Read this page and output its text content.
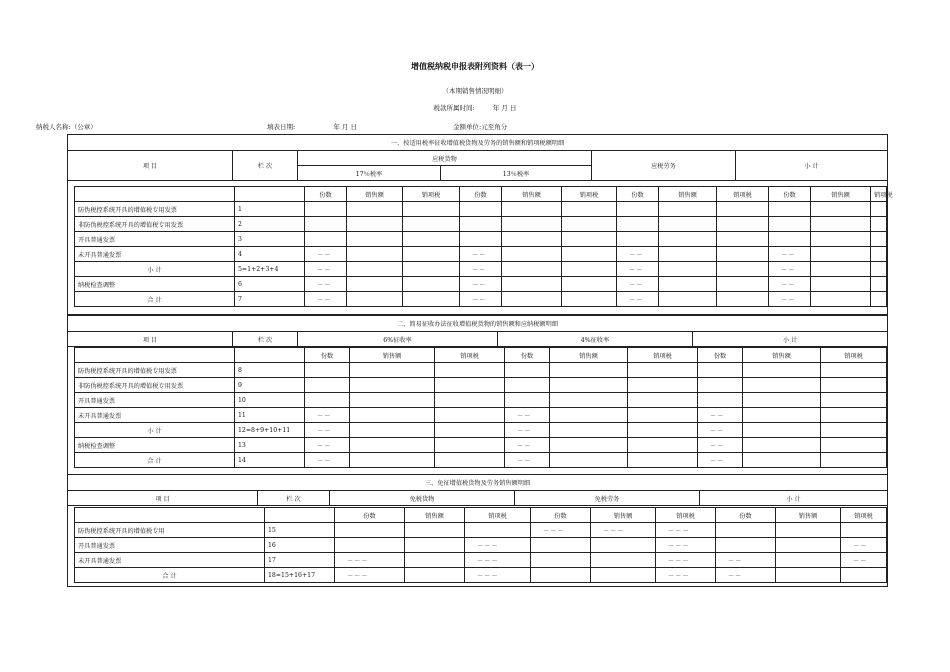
增值税纳税申报表附列资料（表一）
（本期销售情况明细）
税款所属时间:	年 月 日
纳税人名称:（公章）	填表日期:	年 月 日	金额单位:元至角分
一、按适用税率征收增值税货物及劳务的销售额和销项税额明细					
项 目	栏 次	应税货物		应税劳务	小 计
		17％税率	13％税率		
		份数	销售额	销项税	份数	销售额	销项税	份数	销售额	销项税	份数	销售额	销项税
防伪税控系统开具的增值税专用发票	1												
非防伪税控系统开具的增值税专用发票	2												
开具普通发票	3												
未开具普通发票	4	－－			－－			－－			－－		
小 计	5=1+2+3+4	－－			－－			－－			－－		
纳税检查调整	6	－－			－－			－－			－－		
合 计	7	－－			－－			－－			－－		
二、简易征收办法征收增值税货物的销售额和应纳税额明细
项 目	栏 次	6%征收率	4%征收率	小 计
		份数	销售额	销项税	份数	销售额	销项税	份数	销售额	销项税
防伪税控系统开具的增值税专用发票	8									
非防伪税控系统开具的增值税专用发票	9									
开具普通发票	10									
未开具普通发票	11	－－			－－			－－		
小 计	12=8+9+10+11	－－			－－			－－		
纳税检查调整	13	－－			－－			－－		
合 计	14	－－			－－			－－		
三、免征增值税货物及劳务销售额明细
项 目	栏 次	免税货物	免税劳务	小 计
		份数	销售额	销项税	份数	销售额	销项税	份数	销售额	销项税
防伪税控系统开具的增值税专用	15				－－－	－－－	－－－			
开具普通发票	16			－－－			－－－			－－
未开具普通发票	17	－－－		－－－			－－－	－－		－－
合 计	18=15+16+17	－－－		－－－			－－－	－－		
